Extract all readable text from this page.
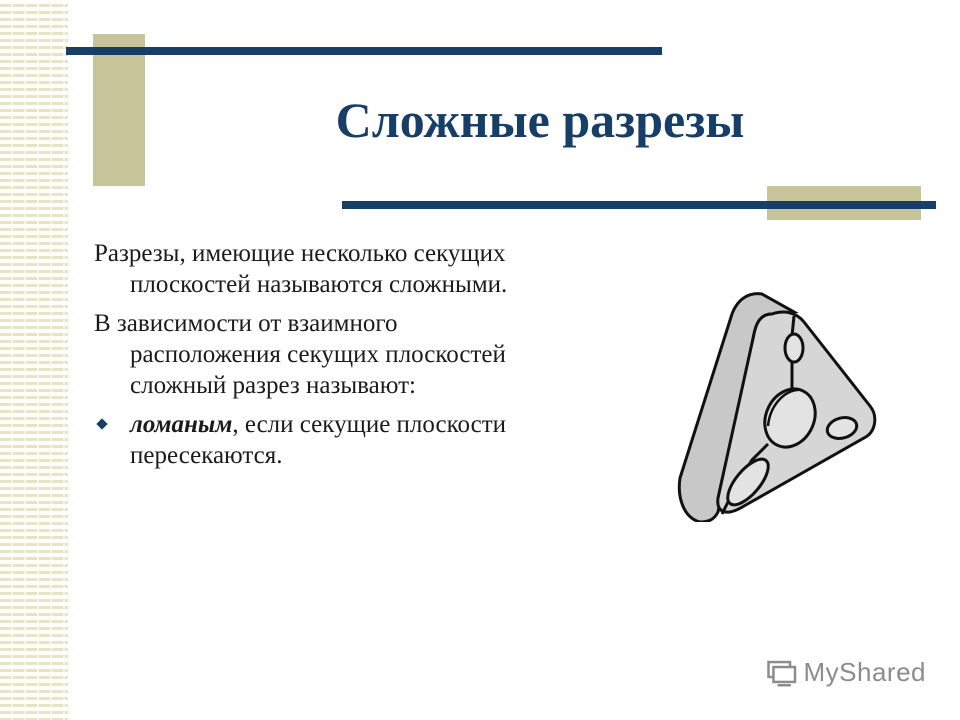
Сложные разрезы

Разрезы, имеющие несколько секущих плоскостей называются сложными.

В зависимости от взаимного расположения секущих плоскостей сложный разрез называют:

ломаным, если секущие плоскости пересекаются.

MyShared
